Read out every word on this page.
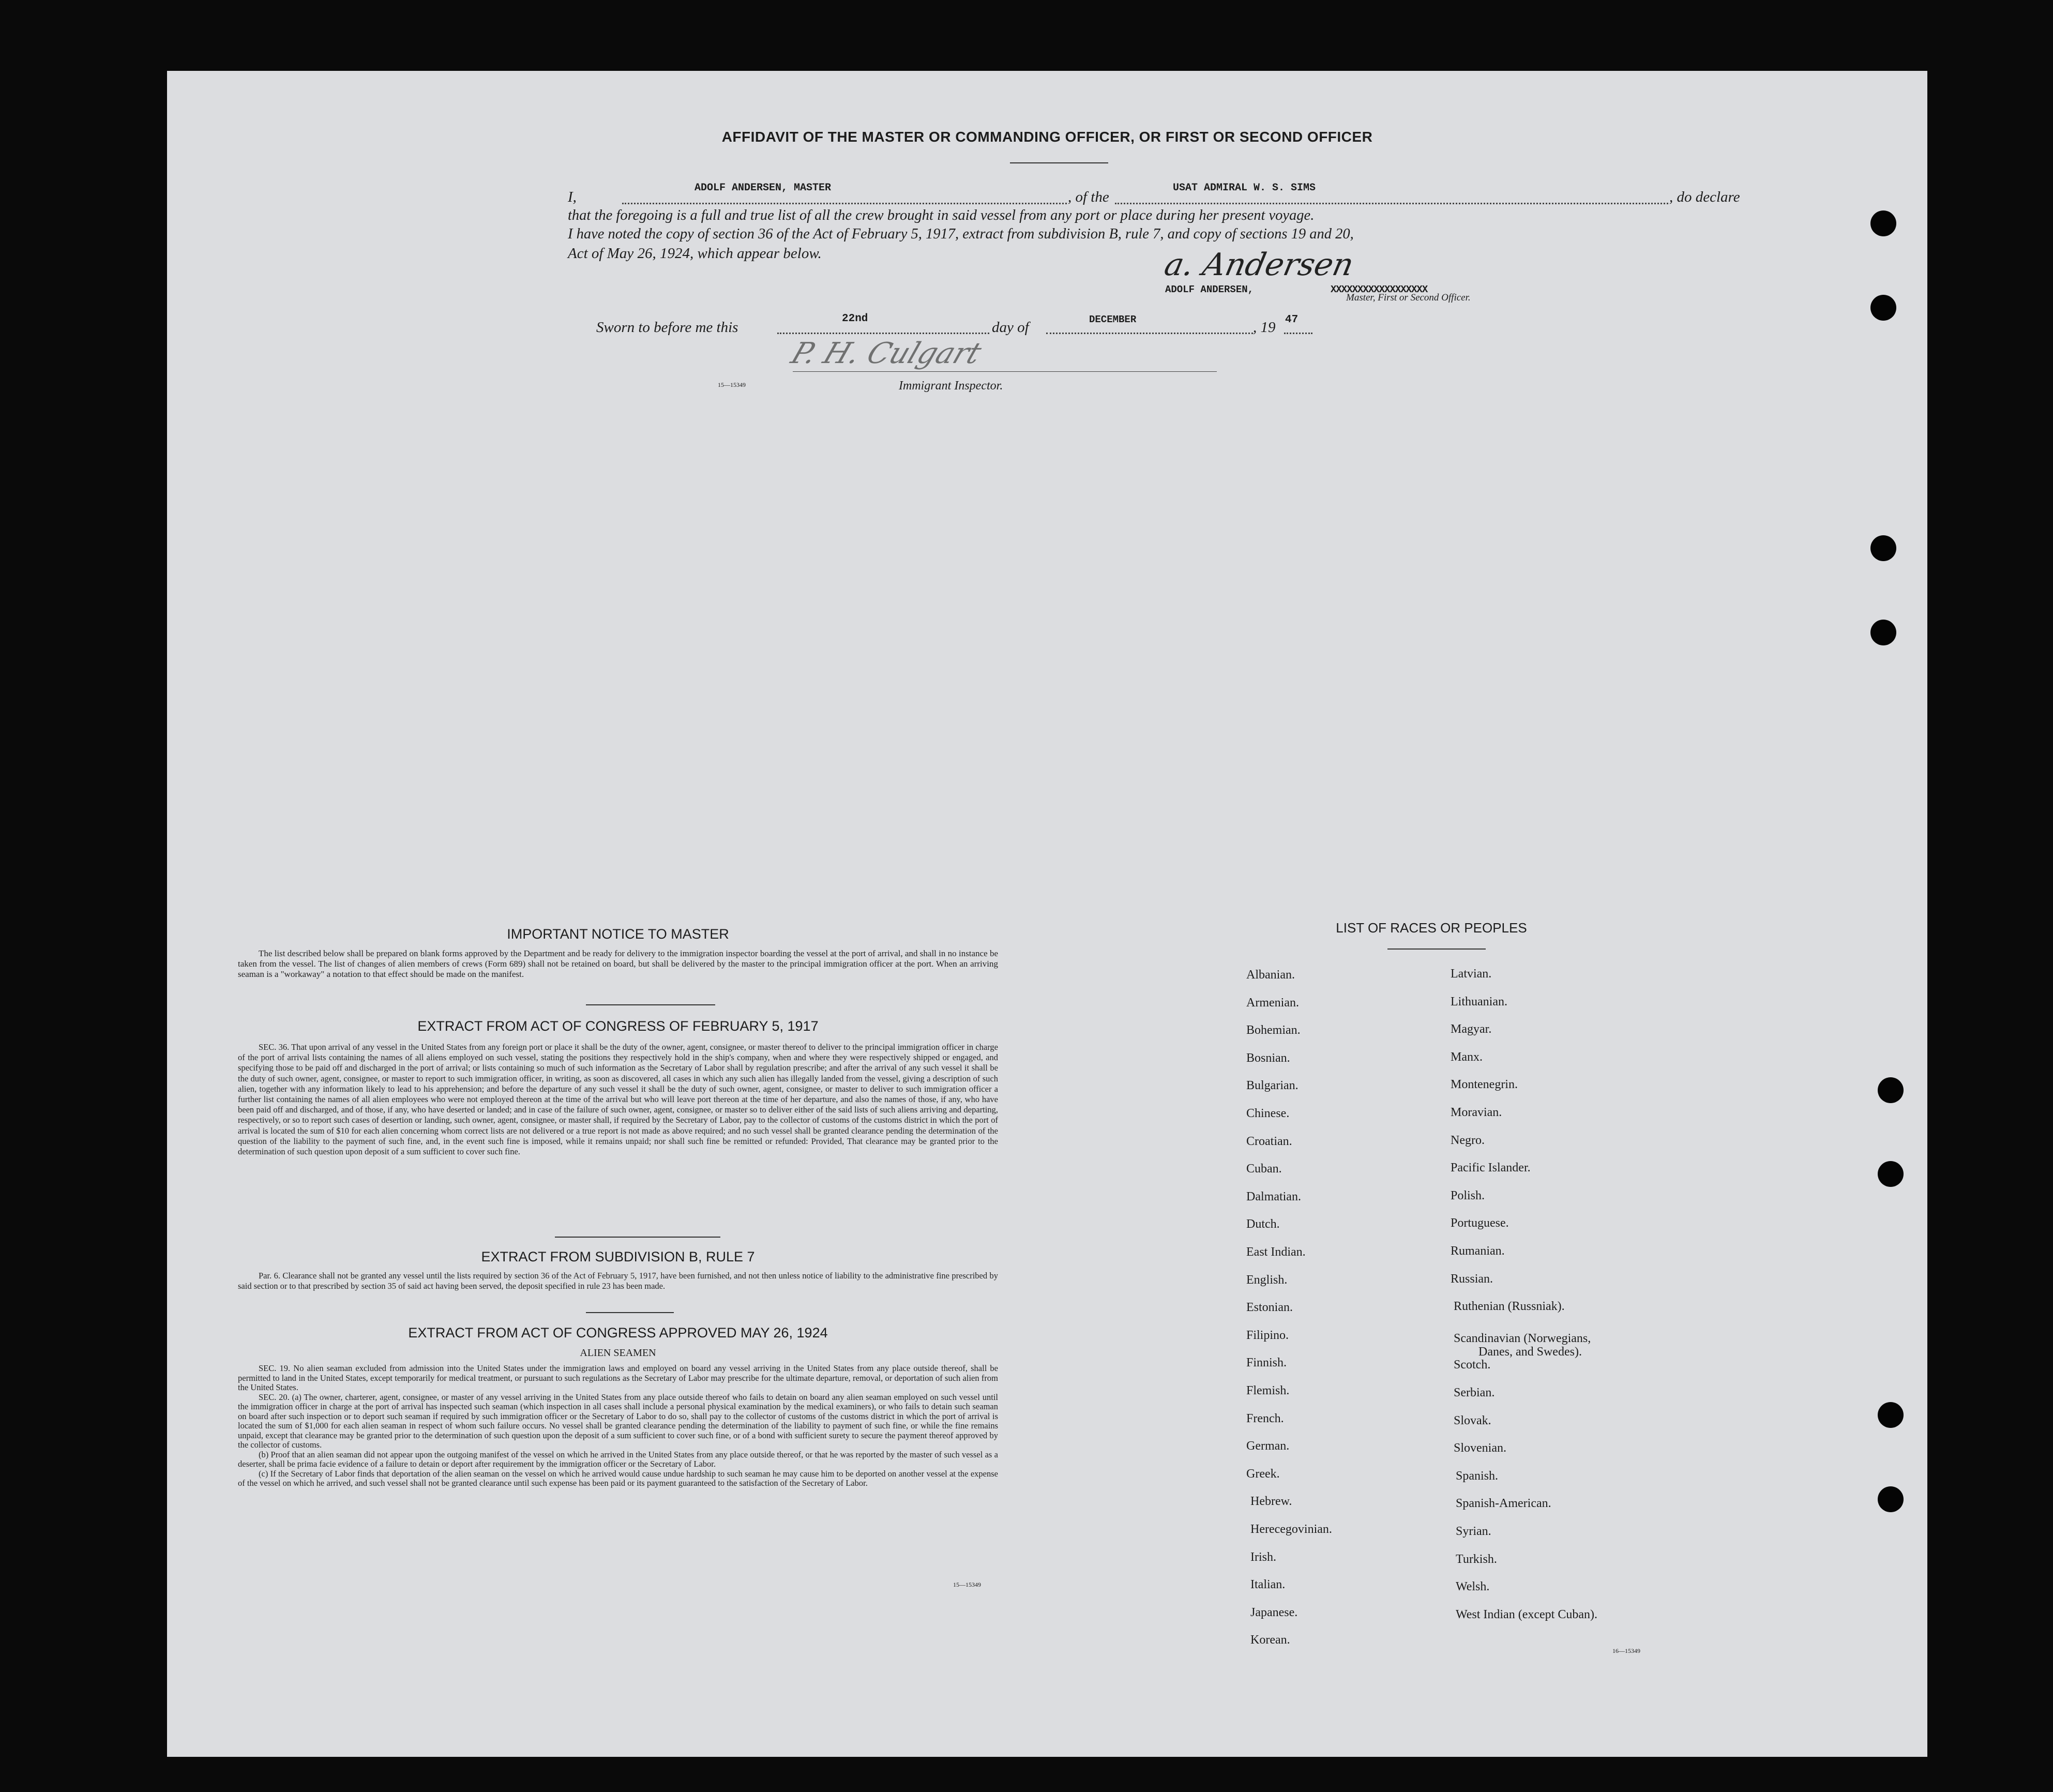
AFFIDAVIT OF THE MASTER OR COMMANDING OFFICER, OR FIRST OR SECOND OFFICER
I,
ADOLF ANDERSEN, MASTER
, of the
USAT ADMIRAL W. S. SIMS
, do declare
that the foregoing is a full and true list of all the crew brought in said vessel from any port or place during her present voyage.
I have noted the copy of section 36 of the Act of February 5, 1917, extract from subdivision B, rule 7, and copy of sections 19 and 20,
Act of May 26, 1924, which appear below.	a. Andersen
ADOLF ANDERSEN,	XXXXXXXXXXXXXXXXXX
Master, First or Second Officer.
Sworn to before me this
22nd
day of	DECEMBER	, 19 47
P. H. Culgart
15—15349	Immigrant Inspector.
IMPORTANT NOTICE TO MASTER

The list described below shall be prepared on blank forms approved by the Department and be ready for delivery to the immigration inspector boarding the vessel at the port of arrival, and shall in no instance be taken from the vessel. The list of changes of alien members of crews (Form 689) shall not be retained on board, but shall be delivered by the master to the principal immigration officer at the port. When an arriving seaman is a "workaway" a notation to that effect should be made on the manifest.

EXTRACT FROM ACT OF CONGRESS OF FEBRUARY 5, 1917

SEC. 36. That upon arrival of any vessel in the United States from any foreign port or place it shall be the duty of the owner, agent, consignee, or master thereof to deliver to the principal immigration officer in charge of the port of arrival lists containing the names of all aliens employed on such vessel, stating the positions they respectively hold in the ship's company, when and where they were respectively shipped or engaged, and specifying those to be paid off and discharged in the port of arrival; or lists containing so much of such information as the Secretary of Labor shall by regulation prescribe; and after the arrival of any such vessel it shall be the duty of such owner, agent, consignee, or master to report to such immigration officer, in writing, as soon as discovered, all cases in which any such alien has illegally landed from the vessel, giving a description of such alien, together with any information likely to lead to his apprehension; and before the departure of any such vessel it shall be the duty of such owner, agent, consignee, or master to deliver to such immigration officer a further list containing the names of all alien employees who were not employed thereon at the time of the arrival but who will leave port thereon at the time of her departure, and also the names of those, if any, who have been paid off and discharged, and of those, if any, who have deserted or landed; and in case of the failure of such owner, agent, consignee, or master so to deliver either of the said lists of such aliens arriving and departing, respectively, or so to report such cases of desertion or landing, such owner, agent, consignee, or master shall, if required by the Secretary of Labor, pay to the collector of customs of the customs district in which the port of arrival is located the sum of $10 for each alien concerning whom correct lists are not delivered or a true report is not made as above required; and no such vessel shall be granted clearance pending the determination of the question of the liability to the payment of such fine, and, in the event such fine is imposed, while it remains unpaid; nor shall such fine be remitted or refunded: Provided, That clearance may be granted prior to the determination of such question upon deposit of a sum sufficient to cover such fine.

EXTRACT FROM SUBDIVISION B, RULE 7

Par. 6. Clearance shall not be granted any vessel until the lists required by section 36 of the Act of February 5, 1917, have been furnished, and not then unless notice of liability to the administrative fine prescribed by said section or to that prescribed by section 35 of said act having been served, the deposit specified in rule 23 has been made.

EXTRACT FROM ACT OF CONGRESS APPROVED MAY 26, 1924
ALIEN SEAMEN

SEC. 19. No alien seaman excluded from admission into the United States under the immigration laws and employed on board any vessel arriving in the United States from any place outside thereof, shall be permitted to land in the United States, except temporarily for medical treatment, or pursuant to such regulations as the Secretary of Labor may prescribe for the ultimate departure, removal, or deportation of such alien from the United States.

SEC. 20. (a) The owner, charterer, agent, consignee, or master of any vessel arriving in the United States from any place outside thereof who fails to detain on board any alien seaman employed on such vessel until the immigration officer in charge at the port of arrival has inspected such seaman (which inspection in all cases shall include a personal physical examination by the medical examiners), or who fails to detain such seaman on board after such inspection or to deport such seaman if required by such immigration officer or the Secretary of Labor to do so, shall pay to the collector of customs of the customs district in which the port of arrival is located the sum of $1,000 for each alien seaman in respect of whom such failure occurs. No vessel shall be granted clearance pending the determination of the liability to payment of such fine, or while the fine remains unpaid, except that clearance may be granted prior to the determination of such question upon the deposit of a sum sufficient to cover such fine, or of a bond with sufficient surety to secure the payment thereof approved by the collector of customs.

(b) Proof that an alien seaman did not appear upon the outgoing manifest of the vessel on which he arrived in the United States from any place outside thereof, or that he was reported by the master of such vessel as a deserter, shall be prima facie evidence of a failure to detain or deport after requirement by the immigration officer or the Secretary of Labor.

(c) If the Secretary of Labor finds that deportation of the alien seaman on the vessel on which he arrived would cause undue hardship to such seaman he may cause him to be deported on another vessel at the expense of the vessel on which he arrived, and such vessel shall not be granted clearance until such expense has been paid or its payment guaranteed to the satisfaction of the Secretary of Labor.

15—15349
LIST OF RACES OR PEOPLES
Albanian.
Armenian.
Bohemian.
Bosnian.
Bulgarian.
Chinese.
Croatian.
Cuban.
Dalmatian.
Dutch.
East Indian.
English.
Estonian.
Filipino.
Finnish.
Flemish.
French.
German.
Greek.
Hebrew.
Herecegovinian.
Irish.
Italian.
Japanese.
Korean.
Latvian.
Lithuanian.
Magyar.
Manx.
Montenegrin.
Moravian.
Negro.
Pacific Islander.
Polish.
Portuguese.
Rumanian.
Russian.
Ruthenian (Russniak).
Scandinavian (Norwegians,
Danes, and Swedes).
Scotch.
Serbian.
Slovak.
Slovenian.
Spanish.
Spanish-American.
Syrian.
Turkish.
Welsh.
West Indian (except Cuban).
16—15349
